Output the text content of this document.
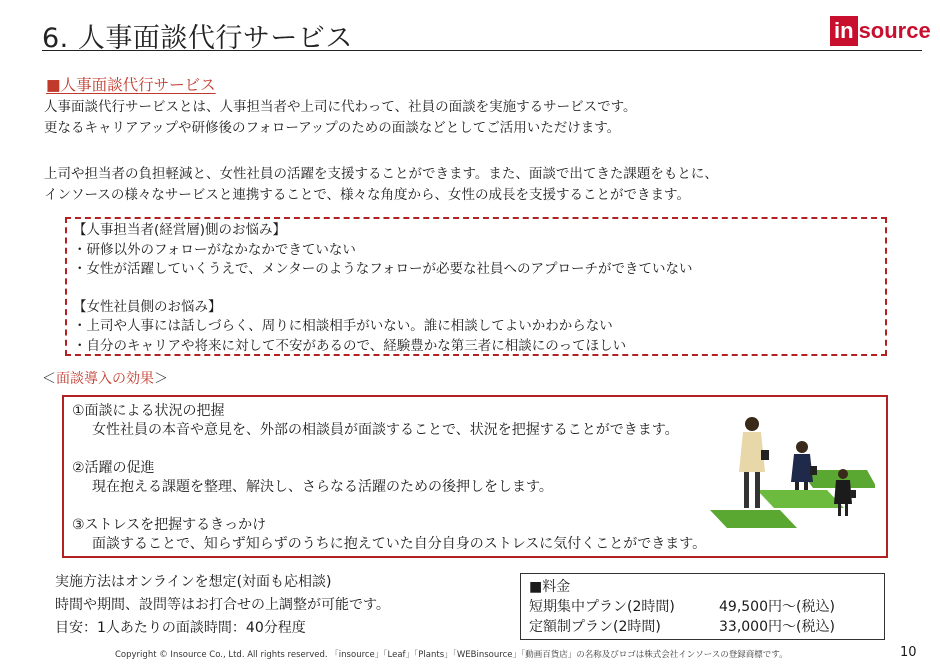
6. 人事面談代行サービス	in source
■人事面談代行サービス
人事面談代行サービスとは、人事担当者や上司に代わって、社員の面談を実施するサービスです。
更なるキャリアアップや研修後のフォローアップのための面談などとしてご活用いただけます。
上司や担当者の負担軽減と、女性社員の活躍を支援することができます。また、面談で出てきた課題をもとに、
インソースの様々なサービスと連携することで、様々な角度から、女性の成長を支援することができます。
【人事担当者(経営層)側のお悩み】
・研修以外のフォローがなかなかできていない
・女性が活躍していくうえで、メンターのようなフォローが必要な社員へのアプローチができていない
【女性社員側のお悩み】
・上司や人事には話しづらく、周りに相談相手がいない。誰に相談してよいかわからない
・自分のキャリアや将来に対して不安があるので、経験豊かな第三者に相談にのってほしい
＜面談導入の効果＞
①面談による状況の把握
女性社員の本音や意見を、外部の相談員が面談することで、状況を把握することができます。
②活躍の促進
現在抱える課題を整理、解決し、さらなる活躍のための後押しをします。
③ストレスを把握するきっかけ
面談することで、知らず知らずのうちに抱えていた自分自身のストレスに気付くことができます。
実施方法はオンラインを想定(対面も応相談)
時間や期間、設問等はお打合せの上調整が可能です。
目安：1人あたりの面談時間：40分程度
■料金
短期集中プラン(2時間)	49,500円～(税込)
定額制プラン(2時間)	33,000円～(税込)
Copyright © Insource Co., Ltd. All rights reserved. 「insource」「Leaf」「Plants」「WEBinsource」「動画百貨店」の名称及びロゴは株式会社インソースの登録商標です。	10
